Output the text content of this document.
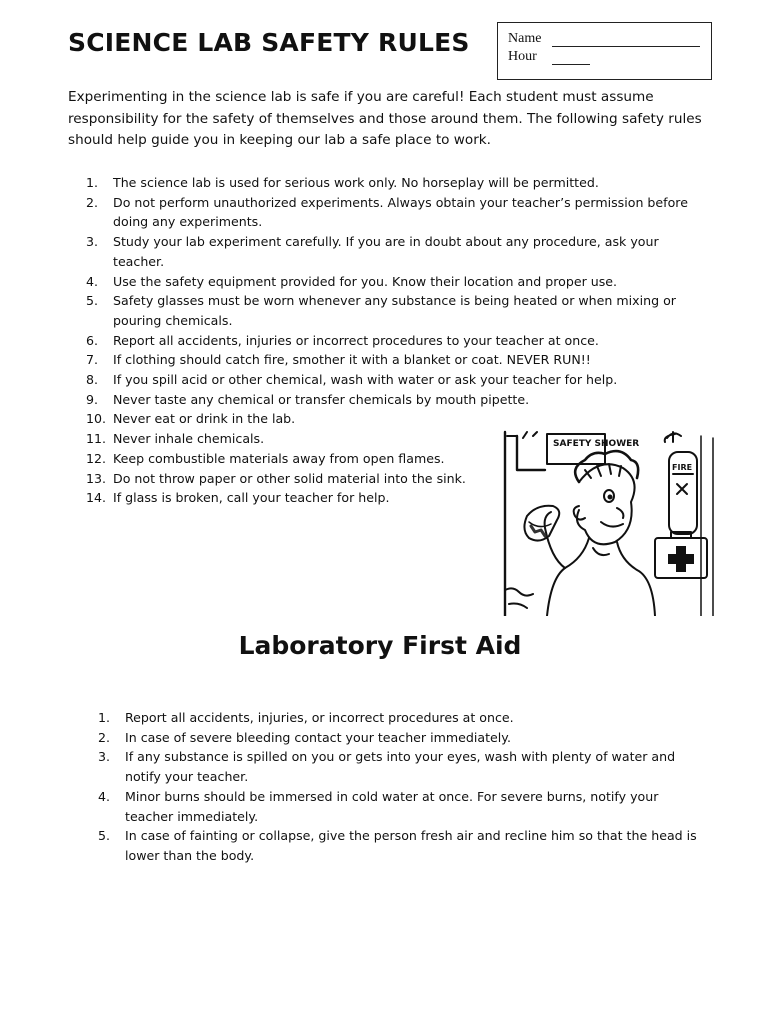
SCIENCE LAB SAFETY RULES	Name
Hour

Experimenting in the science lab is safe if you are careful! Each student must assume responsibility for the safety of themselves and those around them. The following safety rules should help guide you in keeping our lab a safe place to work.

1.	The science lab is used for serious work only. No horseplay will be permitted.
2.	Do not perform unauthorized experiments. Always obtain your teacher’s permission before doing any experiments.
3.	Study your lab experiment carefully. If you are in doubt about any procedure, ask your teacher.
4.	Use the safety equipment provided for you. Know their location and proper use.
5.	Safety glasses must be worn whenever any substance is being heated or when mixing or pouring chemicals.
6.	Report all accidents, injuries or incorrect procedures to your teacher at once.
7.	If clothing should catch fire, smother it with a blanket or coat. NEVER RUN!!
8.	If you spill acid or other chemical, wash with water or ask your teacher for help.
9.	Never taste any chemical or transfer chemicals by mouth pipette.
10. Never eat or drink in the lab.
11. Never inhale chemicals.
12. Keep combustible materials away from open flames.
13. Do not throw paper or other solid material into the sink.
14. If glass is broken, call your teacher for help.
SAFETY SHOWER
FIRE
Laboratory First Aid
1.	Report all accidents, injuries, or incorrect procedures at once.
2.	In case of severe bleeding contact your teacher immediately.
3.	If any substance is spilled on you or gets into your eyes, wash with plenty of water and notify your teacher.
4.	Minor burns should be immersed in cold water at once. For severe burns, notify your teacher immediately.
5.	In case of fainting or collapse, give the person fresh air and recline him so that the head is lower than the body.
